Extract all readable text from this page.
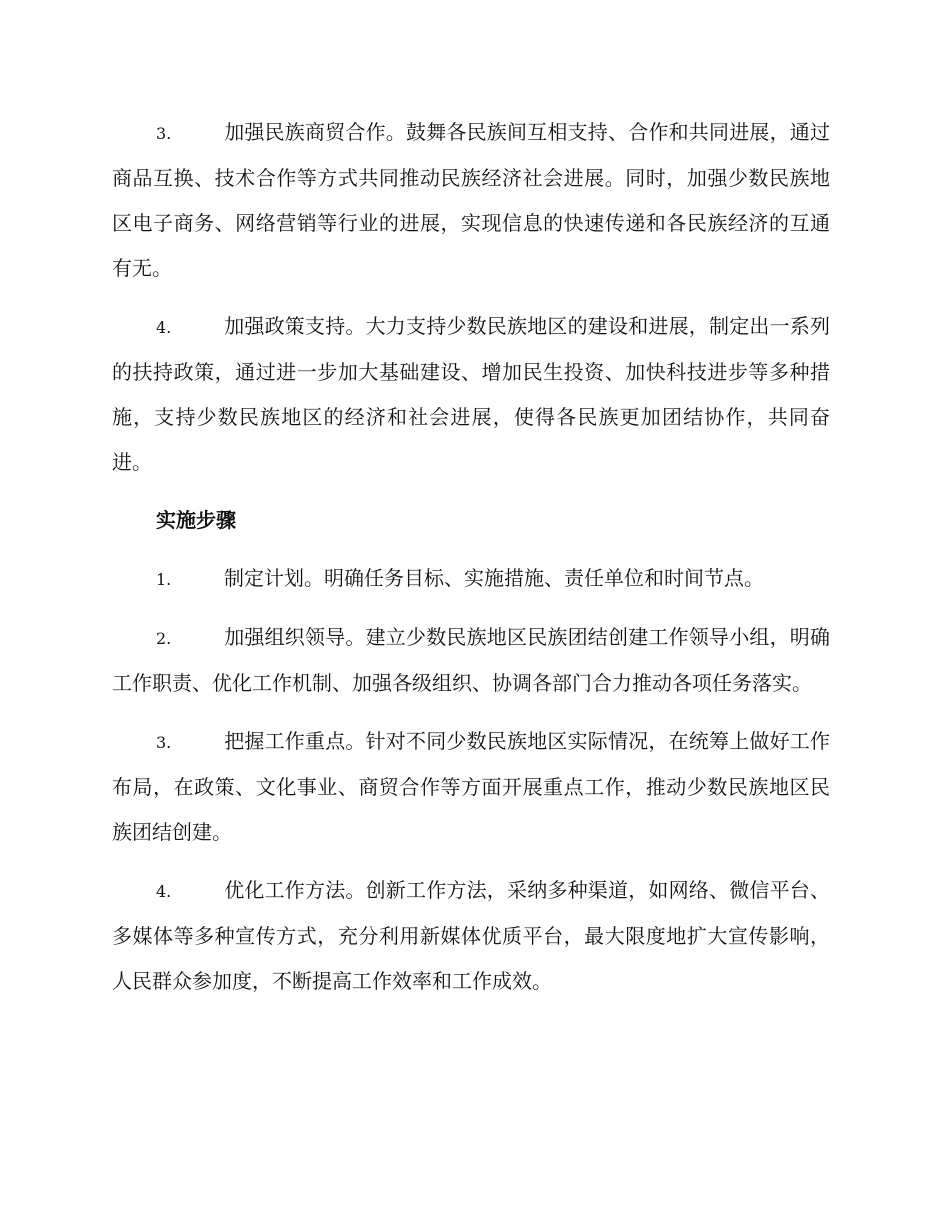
3.	加强民族商贸合作。鼓舞各民族间互相支持、合作和共同进展，通过商品互换、技术合作等方式共同推动民族经济社会进展。同时，加强少数民族地区电子商务、网络营销等行业的进展，实现信息的快速传递和各民族经济的互通有无。

4.	加强政策支持。大力支持少数民族地区的建设和进展，制定出一系列的扶持政策，通过进一步加大基础建设、增加民生投资、加快科技进步等多种措施，支持少数民族地区的经济和社会进展，使得各民族更加团结协作，共同奋进。

实施步骤

1.	制定计划。明确任务目标、实施措施、责任单位和时间节点。

2.	加强组织领导。建立少数民族地区民族团结创建工作领导小组，明确工作职责、优化工作机制、加强各级组织、协调各部门合力推动各项任务落实。

3.	把握工作重点。针对不同少数民族地区实际情况，在统筹上做好工作布局，在政策、文化事业、商贸合作等方面开展重点工作，推动少数民族地区民族团结创建。

4.	优化工作方法。创新工作方法，采纳多种渠道，如网络、微信平台、多媒体等多种宣传方式，充分利用新媒体优质平台，最大限度地扩大宣传影响，人民群众参加度，不断提高工作效率和工作成效。
